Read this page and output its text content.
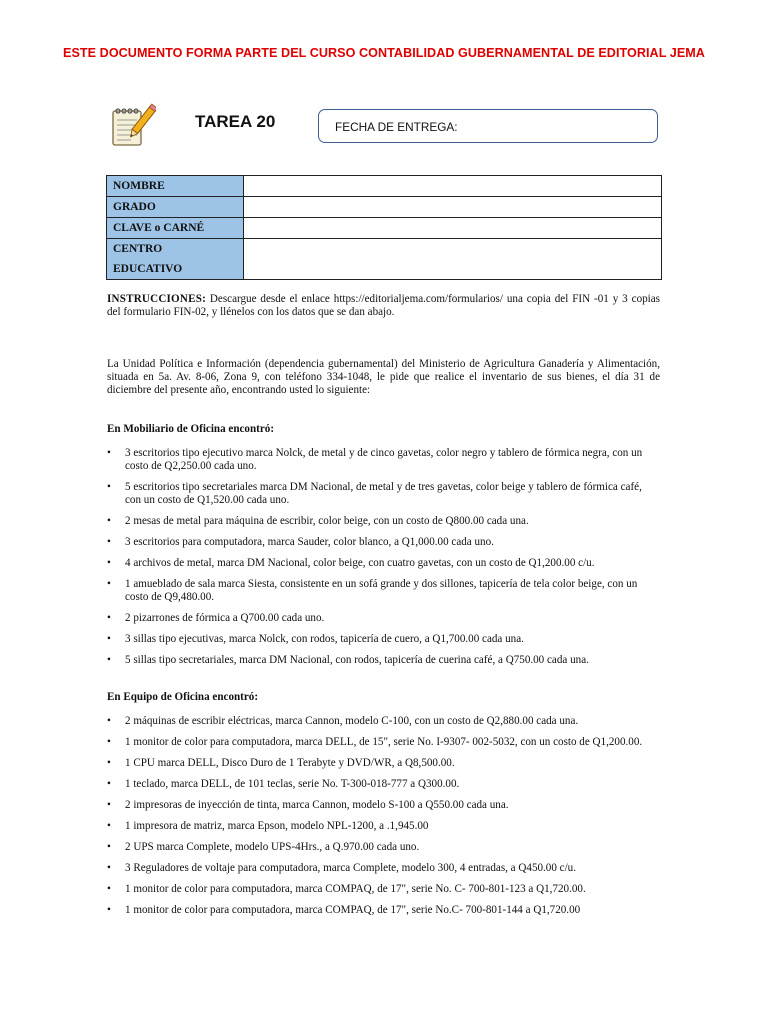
ESTE DOCUMENTO FORMA PARTE DEL CURSO CONTABILIDAD GUBERNAMENTAL DE EDITORIAL JEMA
TAREA 20	FECHA DE ENTREGA:
NOMBRE	
GRADO	
CLAVE o CARNÉ	
CENTRO
EDUCATIVO	

INSTRUCCIONES: Descargue desde el enlace https://editorialjema.com/formularios/ una copia del FIN -01 y 3 copias del formulario FIN-02, y llénelos con los datos que se dan abajo.

La Unidad Política e Información (dependencia gubernamental) del Ministerio de Agricultura Ganadería y Alimentación, situada en 5a. Av. 8-06, Zona 9, con teléfono 334-1048, le pide que realice el inventario de sus bienes, el día 31 de diciembre del presente año, encontrando usted lo siguiente:

En Mobiliario de Oficina encontró:

• 3 escritorios tipo ejecutivo marca Nolck, de metal y de cinco gavetas, color negro y tablero de fórmica negra, con un costo de Q2,250.00 cada uno.
• 5 escritorios tipo secretariales marca DM Nacional, de metal y de tres gavetas, color beige y tablero de fórmica café, con un costo de Q1,520.00 cada uno.
• 2 mesas de metal para máquina de escribir, color beige, con un costo de Q800.00 cada una.
• 3 escritorios para computadora, marca Sauder, color blanco, a Q1,000.00 cada uno.
• 4 archivos de metal, marca DM Nacional, color beige, con cuatro gavetas, con un costo de Q1,200.00 c/u.
• 1 amueblado de sala marca Siesta, consistente en un sofá grande y dos sillones, tapicería de tela color beige, con un costo de Q9,480.00.
• 2 pizarrones de fórmica a Q700.00 cada uno.
• 3 sillas tipo ejecutivas, marca Nolck, con rodos, tapicería de cuero, a Q1,700.00 cada una.
• 5 sillas tipo secretariales, marca DM Nacional, con rodos, tapicería de cuerina café, a Q750.00 cada una.

En Equipo de Oficina encontró:

• 2 máquinas de escribir eléctricas, marca Cannon, modelo C-100, con un costo de Q2,880.00 cada una.
• 1 monitor de color para computadora, marca DELL, de 15", serie No. I-9307- 002-5032, con un costo de Q1,200.00.
• 1 CPU marca DELL, Disco Duro de 1 Terabyte y DVD/WR, a Q8,500.00.
• 1 teclado, marca DELL, de 101 teclas, serie No. T-300-018-777 a Q300.00.
• 2 impresoras de inyección de tinta, marca Cannon, modelo S-100 a Q550.00 cada una.
• 1 impresora de matriz, marca Epson, modelo NPL-1200, a .1,945.00
• 2 UPS marca Complete, modelo UPS-4Hrs., a Q.970.00 cada uno.
• 3 Reguladores de voltaje para computadora, marca Complete, modelo 300, 4 entradas, a Q450.00 c/u.
• 1 monitor de color para computadora, marca COMPAQ, de 17", serie No. C- 700-801-123 a Q1,720.00.
• 1 monitor de color para computadora, marca COMPAQ, de 17", serie No.C- 700-801-144 a Q1,720.00
